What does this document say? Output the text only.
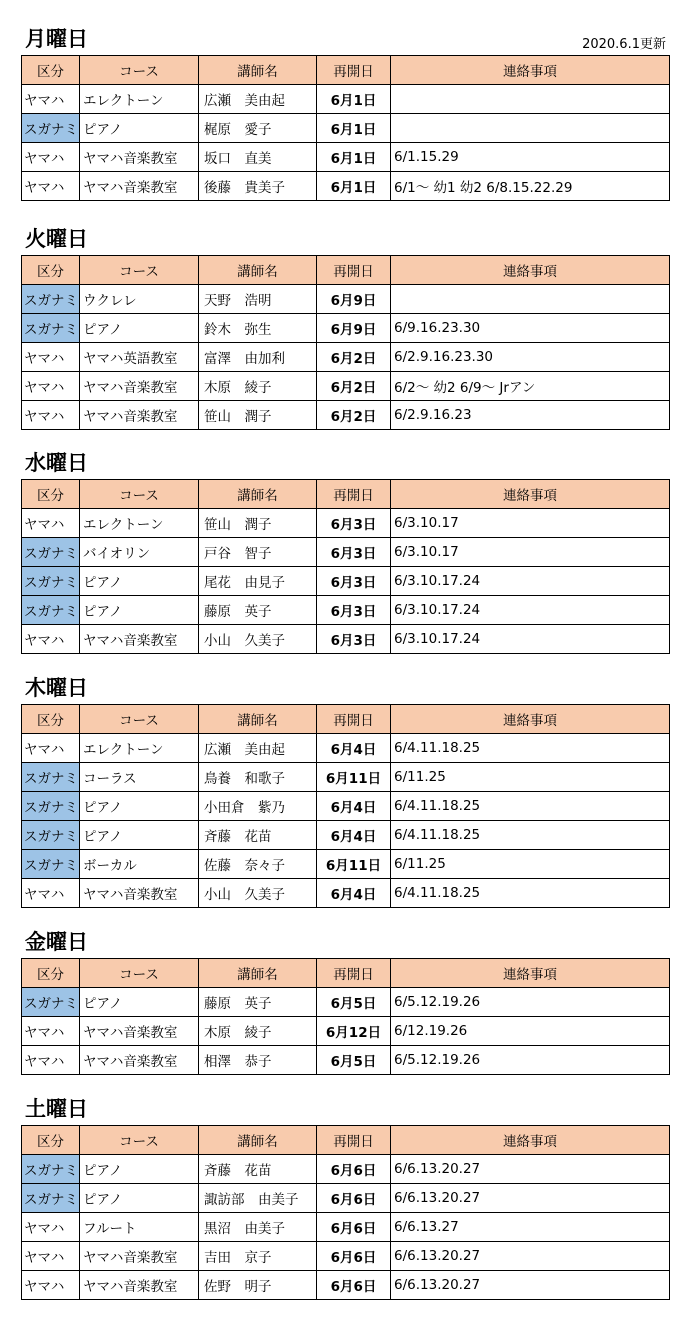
2020.6.1更新
月曜日
区分	コース	講師名	再開日	連絡事項
ヤマハ	エレクトーン	広瀬　美由起	6月1日	
スガナミ	ピアノ	梶原　愛子	6月1日	
ヤマハ	ヤマハ音楽教室	坂口　直美	6月1日	6/1.15.29
ヤマハ	ヤマハ音楽教室	後藤　貴美子	6月1日	6/1～ 幼1 幼2 6/8.15.22.29
火曜日
区分	コース	講師名	再開日	連絡事項
スガナミ	ウクレレ	天野　浩明	6月9日	
スガナミ	ピアノ	鈴木　弥生	6月9日	6/9.16.23.30
ヤマハ	ヤマハ英語教室	富澤　由加利	6月2日	6/2.9.16.23.30
ヤマハ	ヤマハ音楽教室	木原　綾子	6月2日	6/2～ 幼2 6/9～ Jrアン
ヤマハ	ヤマハ音楽教室	笹山　潤子	6月2日	6/2.9.16.23
水曜日
区分	コース	講師名	再開日	連絡事項
ヤマハ	エレクトーン	笹山　潤子	6月3日	6/3.10.17
スガナミ	バイオリン	戸谷　智子	6月3日	6/3.10.17
スガナミ	ピアノ	尾花　由見子	6月3日	6/3.10.17.24
スガナミ	ピアノ	藤原　英子	6月3日	6/3.10.17.24
ヤマハ	ヤマハ音楽教室	小山　久美子	6月3日	6/3.10.17.24
木曜日
区分	コース	講師名	再開日	連絡事項
ヤマハ	エレクトーン	広瀬　美由起	6月4日	6/4.11.18.25
スガナミ	コーラス	鳥養　和歌子	6月11日	6/11.25
スガナミ	ピアノ	小田倉　紫乃	6月4日	6/4.11.18.25
スガナミ	ピアノ	斉藤　花苗	6月4日	6/4.11.18.25
スガナミ	ボーカル	佐藤　奈々子	6月11日	6/11.25
ヤマハ	ヤマハ音楽教室	小山　久美子	6月4日	6/4.11.18.25
金曜日
区分	コース	講師名	再開日	連絡事項
スガナミ	ピアノ	藤原　英子	6月5日	6/5.12.19.26
ヤマハ	ヤマハ音楽教室	木原　綾子	6月12日	6/12.19.26
ヤマハ	ヤマハ音楽教室	相澤　恭子	6月5日	6/5.12.19.26
土曜日
区分	コース	講師名	再開日	連絡事項
スガナミ	ピアノ	斉藤　花苗	6月6日	6/6.13.20.27
スガナミ	ピアノ	諏訪部　由美子	6月6日	6/6.13.20.27
ヤマハ	フルート	黒沼　由美子	6月6日	6/6.13.27
ヤマハ	ヤマハ音楽教室	吉田　京子	6月6日	6/6.13.20.27
ヤマハ	ヤマハ音楽教室	佐野　明子	6月6日	6/6.13.20.27
